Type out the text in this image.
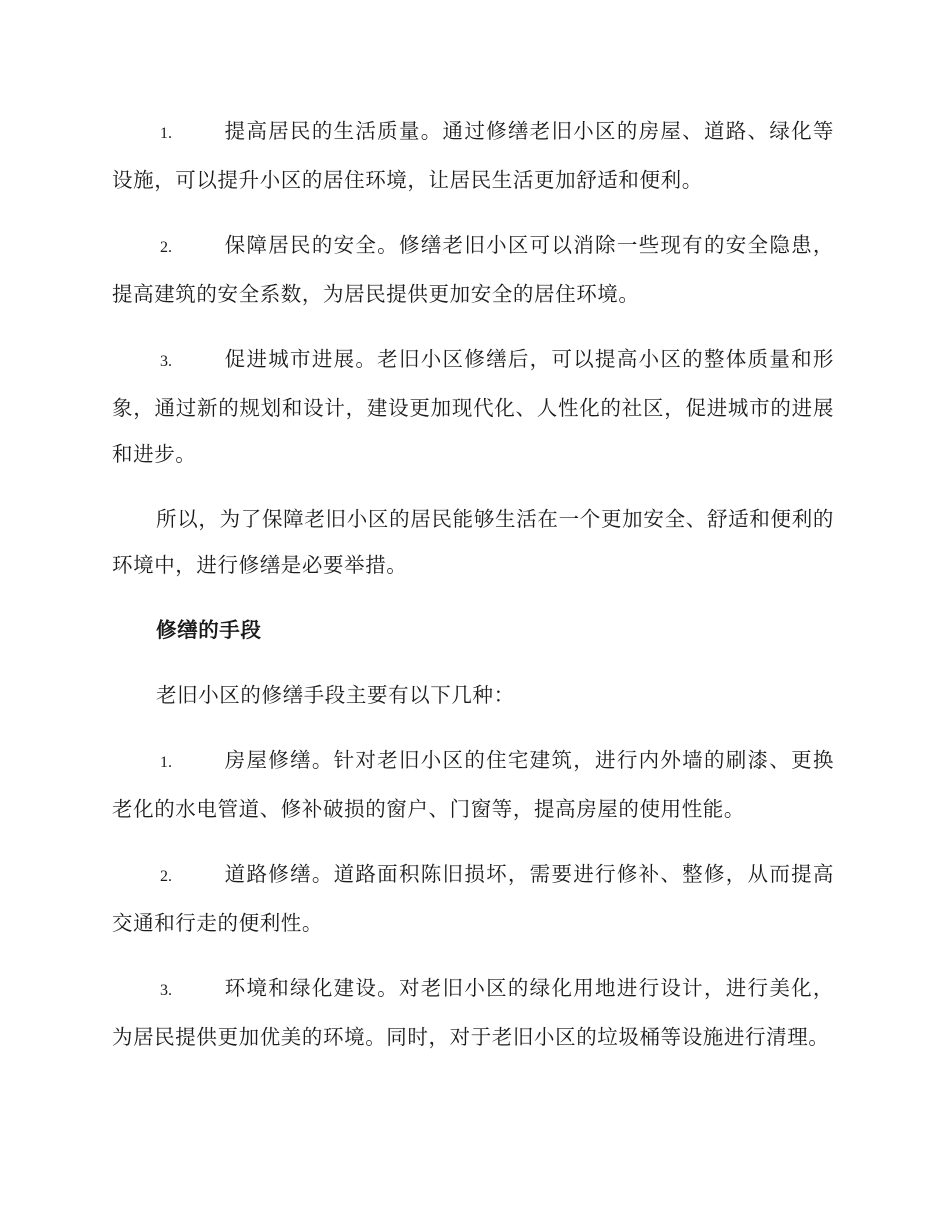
1.	提高居民的生活质量。通过修缮老旧小区的房屋、道路、绿化等设施，可以提升小区的居住环境，让居民生活更加舒适和便利。

2.	保障居民的安全。修缮老旧小区可以消除一些现有的安全隐患，提高建筑的安全系数，为居民提供更加安全的居住环境。

3.	促进城市进展。老旧小区修缮后，可以提高小区的整体质量和形象，通过新的规划和设计，建设更加现代化、人性化的社区，促进城市的进展和进步。

所以，为了保障老旧小区的居民能够生活在一个更加安全、舒适和便利的环境中，进行修缮是必要举措。

修缮的手段

老旧小区的修缮手段主要有以下几种：

1.	房屋修缮。针对老旧小区的住宅建筑，进行内外墙的刷漆、更换老化的水电管道、修补破损的窗户、门窗等，提高房屋的使用性能。

2.	道路修缮。道路面积陈旧损坏，需要进行修补、整修，从而提高交通和行走的便利性。

3.	环境和绿化建设。对老旧小区的绿化用地进行设计，进行美化，为居民提供更加优美的环境。同时，对于老旧小区的垃圾桶等设施进行清理。
